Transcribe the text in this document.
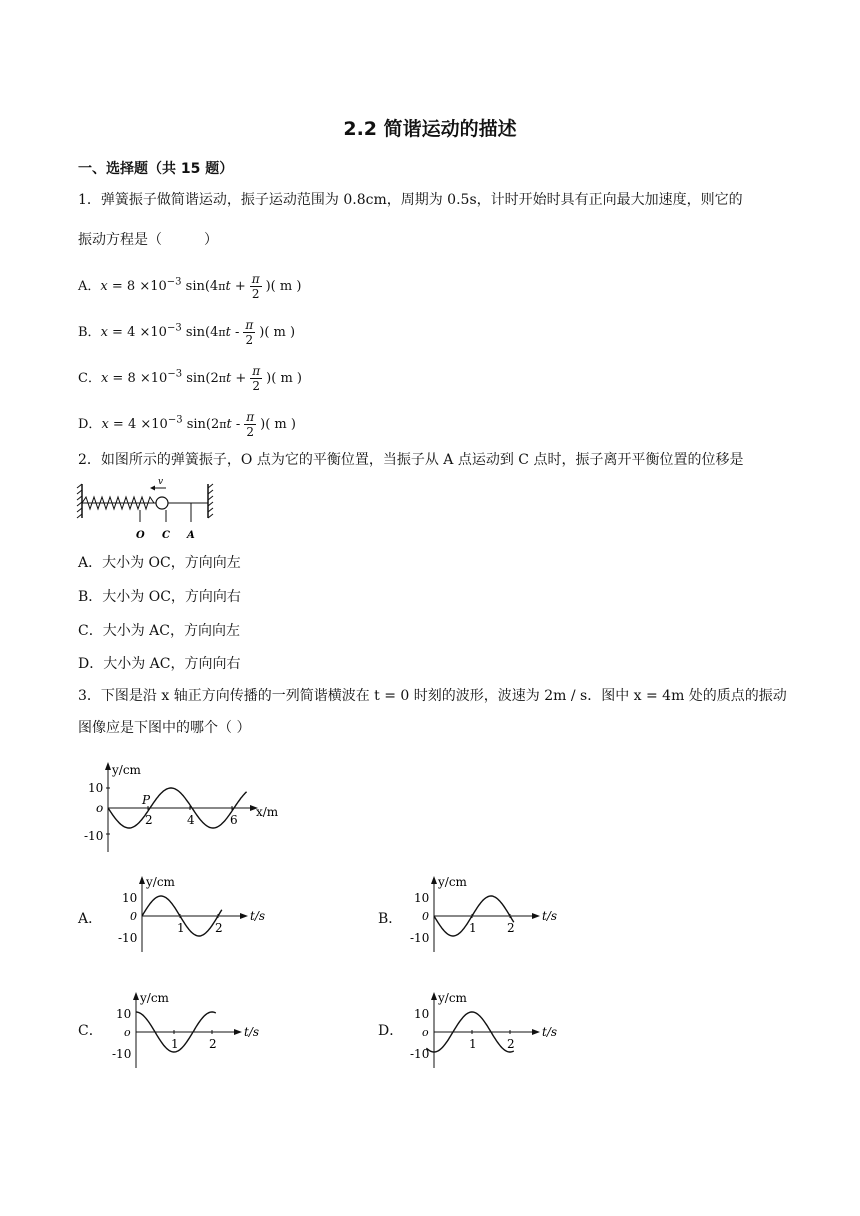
2.2 简谐运动的描述
一、选择题（共 15 题）
1．弹簧振子做简谐运动，振子运动范围为 0.8cm，周期为 0.5s，计时开始时具有正向最大加速度，则它的
振动方程是（　　　）
A．$x = 8 \times 10^{-3}$ $\sin(4\pi t + \frac{\pi}{2}$ )( m )
B．$x = 4 \times 10^{-3}$ $\sin(4\pi t - \frac{\pi}{2}$ )( m )
C．$x = 8 \times 10^{-3}$ $\sin(2\pi t + \frac{\pi}{2}$ )( m )
D．$x = 4 \times 10^{-3}$ $\sin(2\pi t - \frac{\pi}{2}$ )( m )
2．如图所示的弹簧振子，O 点为它的平衡位置，当振子从 A 点运动到 C 点时，振子离开平衡位置的位移是
v
O C A
A．大小为 OC，方向向左
B．大小为 OC，方向向右
C．大小为 AC，方向向左
D．大小为 AC，方向向右
3．下图是沿 x 轴正方向传播的一列简谐横波在 t = 0 时刻的波形，波速为 2m / s．图中 x = 4m 处的质点的振动
图像应是下图中的哪个（ ）
y/cm
x/m
10
-10
o
2	4	6
P
A．
y/cm
t/s
10
-10
0
1	2
B．
y/cm
t/s
10
-10
0
1	2
C．
y/cm
t/s
10
-10
o
1	2
D．
y/cm
t/s
10
-10
o
1	2
